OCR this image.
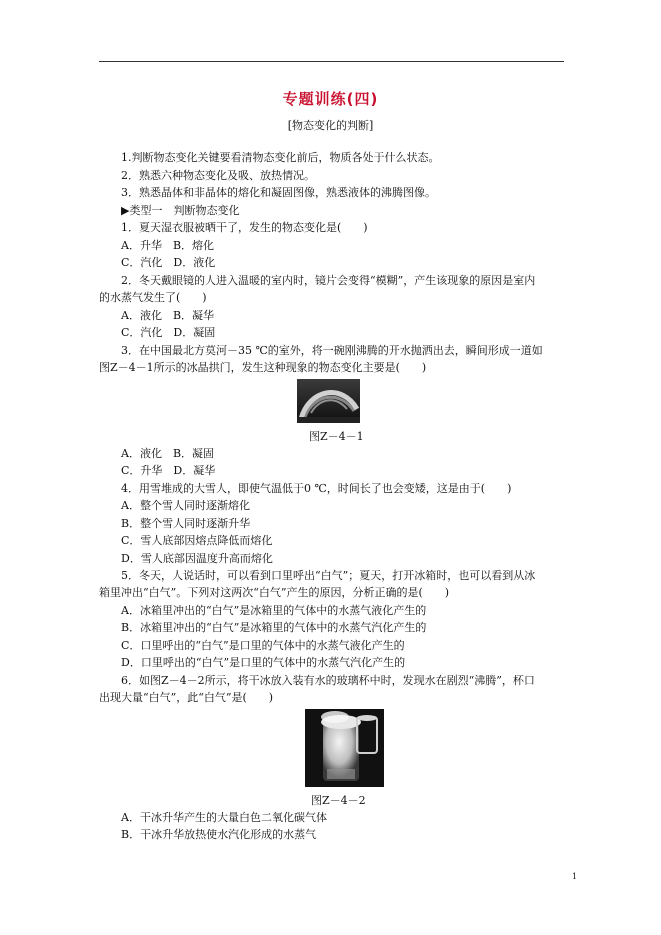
专题训练(四)
[物态变化的判断]
1.判断物态变化关键要看清物态变化前后，物质各处于什么状态。
2．熟悉六种物态变化及吸、放热情况。
3．熟悉晶体和非晶体的熔化和凝固图像，熟悉液体的沸腾图像。
▶类型一　判断物态变化
1．夏天湿衣服被晒干了，发生的物态变化是(　　)
A．升华　B．熔化
C．汽化　D．液化
2．冬天戴眼镜的人进入温暖的室内时，镜片会变得“模糊”，产生该现象的原因是室内
的水蒸气发生了(　　)
A．液化　B．凝华
C．汽化　D．凝固
3．在中国最北方莫河－35 ℃的室外，将一碗刚沸腾的开水抛洒出去，瞬间形成一道如
图Z－4－1所示的冰晶拱门，发生这种现象的物态变化主要是(　　)
图Z－4－1
A．液化　B．凝固
C．升华　D．凝华
4．用雪堆成的大雪人，即使气温低于0 ℃，时间长了也会变矮，这是由于(　　)
A．整个雪人同时逐渐熔化
B．整个雪人同时逐渐升华
C．雪人底部因熔点降低而熔化
D．雪人底部因温度升高而熔化
5．冬天，人说话时，可以看到口里呼出“白气”；夏天，打开冰箱时，也可以看到从冰
箱里冲出“白气”。下列对这两次“白气”产生的原因，分析正确的是(　　)
A．冰箱里冲出的“白气”是冰箱里的气体中的水蒸气液化产生的
B．冰箱里冲出的“白气”是冰箱里的气体中的水蒸气汽化产生的
C．口里呼出的“白气”是口里的气体中的水蒸气液化产生的
D．口里呼出的“白气”是口里的气体中的水蒸气汽化产生的
6．如图Z－4－2所示，将干冰放入装有水的玻璃杯中时，发现水在剧烈“沸腾”，杯口
出现大量“白气”，此“白气”是(　　)
图Z－4－2
A．干冰升华产生的大量白色二氧化碳气体
B．干冰升华放热使水汽化形成的水蒸气
1
